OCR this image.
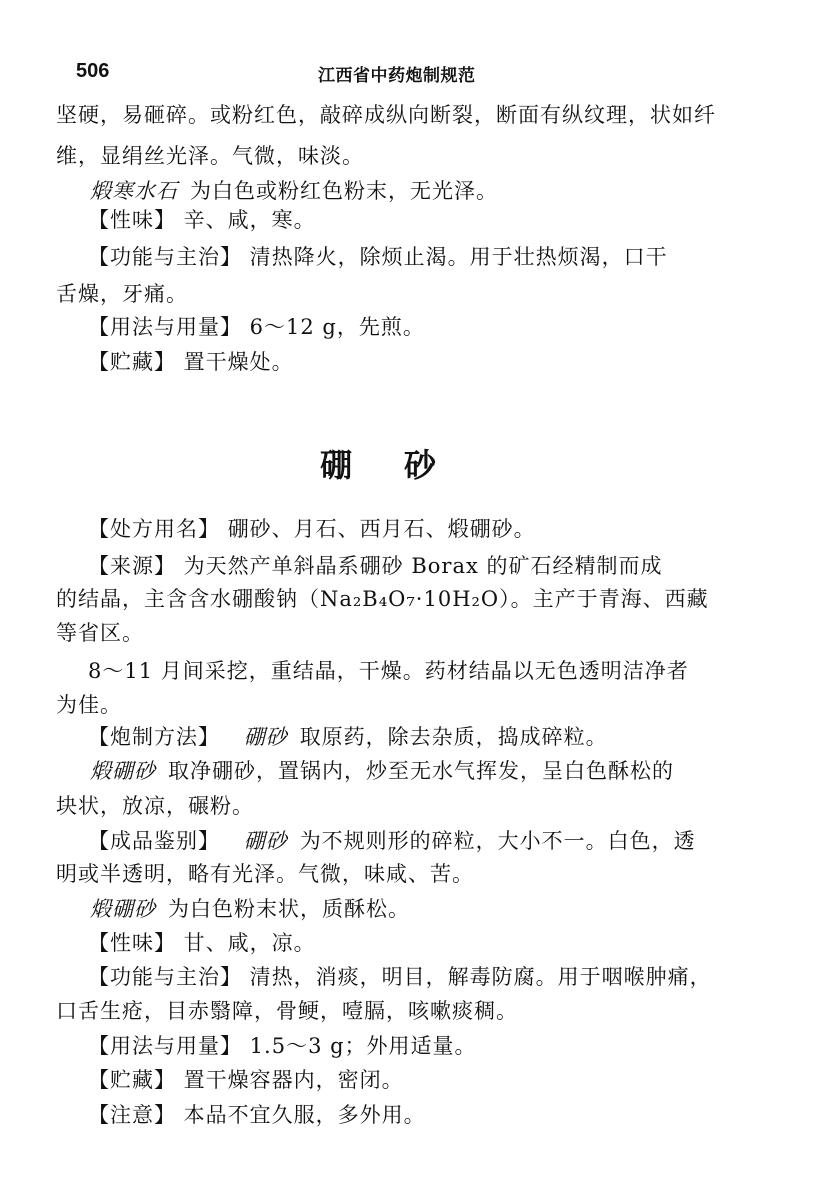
506	江西省中药炮制规范
坚硬，易砸碎。或粉红色，敲碎成纵向断裂，断面有纵纹理，状如纤
维，显绢丝光泽。气微，味淡。
煅寒水石 为白色或粉红色粉末，无光泽。
【性味】 辛、咸，寒。
【功能与主治】 清热降火，除烦止渴。用于壮热烦渴，口干
舌燥，牙痛。
【用法与用量】 6～12 g，先煎。
【贮藏】 置干燥处。
硼砂
【处方用名】 硼砂、月石、西月石、煅硼砂。
【来源】 为天然产单斜晶系硼砂 Borax 的矿石经精制而成
的结晶，主含含水硼酸钠（Na₂B₄O₇·10H₂O）。主产于青海、西藏
等省区。
8～11 月间采挖，重结晶，干燥。药材结晶以无色透明洁净者
为佳。
【炮制方法】 硼砂 取原药，除去杂质，捣成碎粒。
煅硼砂 取净硼砂，置锅内，炒至无水气挥发，呈白色酥松的
块状，放凉，碾粉。
【成品鉴别】 硼砂 为不规则形的碎粒，大小不一。白色，透
明或半透明，略有光泽。气微，味咸、苦。
煅硼砂 为白色粉末状，质酥松。
【性味】 甘、咸，凉。
【功能与主治】 清热，消痰，明目，解毒防腐。用于咽喉肿痛，
口舌生疮，目赤翳障，骨鲠，噎膈，咳嗽痰稠。
【用法与用量】 1.5～3 g；外用适量。
【贮藏】 置干燥容器内，密闭。
【注意】 本品不宜久服，多外用。
